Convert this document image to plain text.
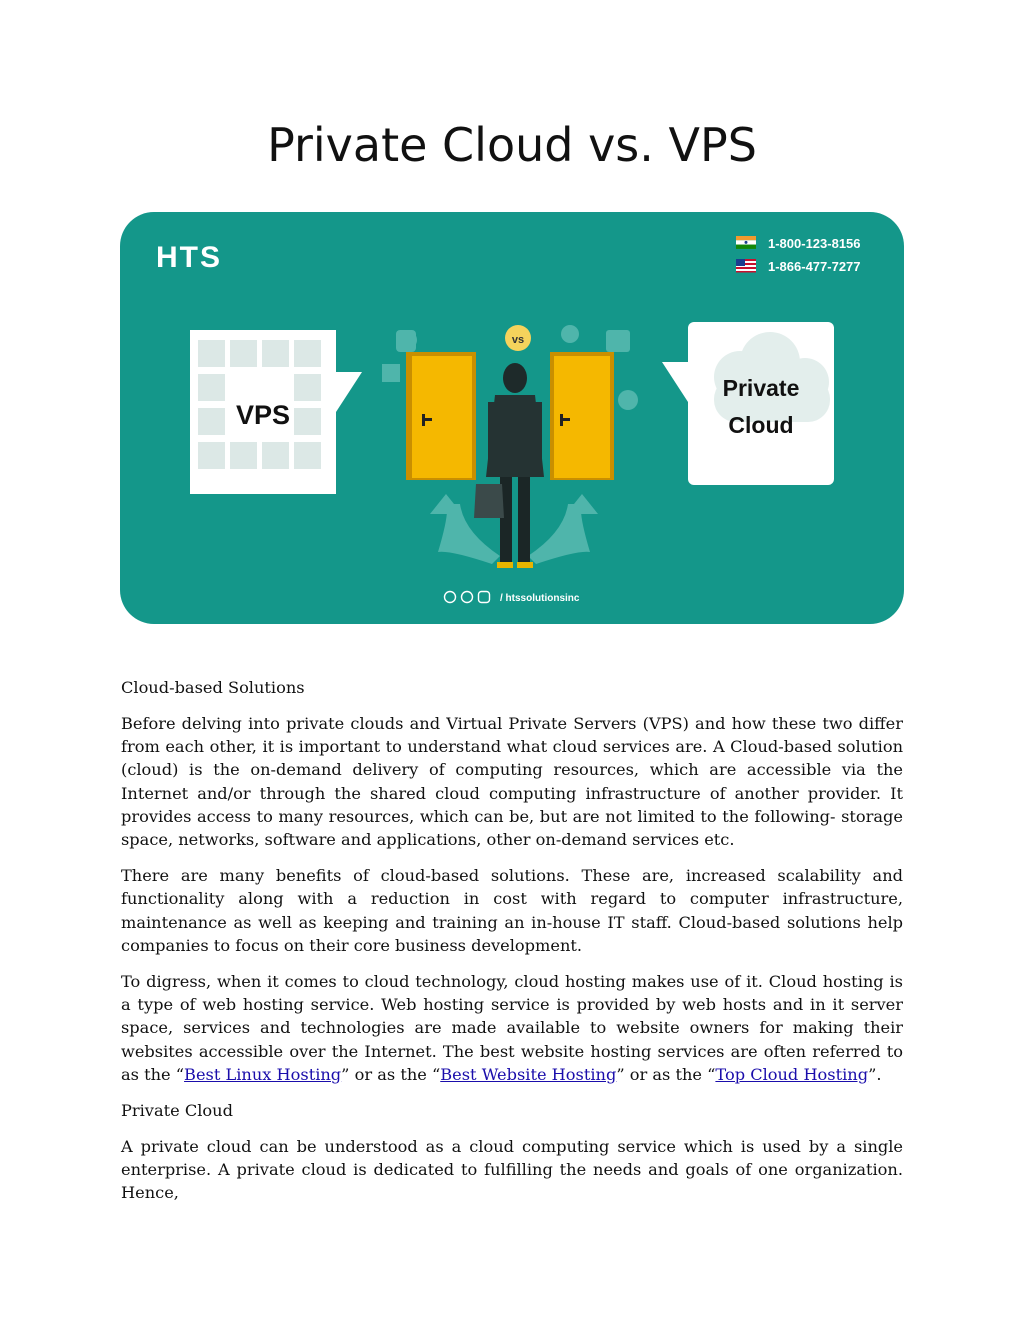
Private Cloud vs. VPS
HTS	1-800-123-8156
1-866-477-7277
VPS
Private
Cloud
vs
/ htssolutionsinc
Cloud-based Solutions

Before delving into private clouds and Virtual Private Servers (VPS) and how these two differ from each other, it is important to understand what cloud services are. A Cloud-based solution (cloud) is the on-demand delivery of computing resources, which are accessible via the Internet and/or through the shared cloud computing infrastructure of another provider. It provides access to many resources, which can be, but are not limited to the following- storage space, networks, software and applications, other on-demand services etc.

There are many benefits of cloud-based solutions. These are, increased scalability and functionality along with a reduction in cost with regard to computer infrastructure, maintenance as well as keeping and training an in-house IT staff. Cloud-based solutions help companies to focus on their core business development.

To digress, when it comes to cloud technology, cloud hosting makes use of it. Cloud hosting is a type of web hosting service. Web hosting service is provided by web hosts and in it server space, services and technologies are made available to website owners for making their websites accessible over the Internet. The best website hosting services are often referred to as the “Best Linux Hosting” or as the “Best Website Hosting” or as the “Top Cloud Hosting”.

Private Cloud

A private cloud can be understood as a cloud computing service which is used by a single enterprise. A private cloud is dedicated to fulfilling the needs and goals of one organization. Hence,
